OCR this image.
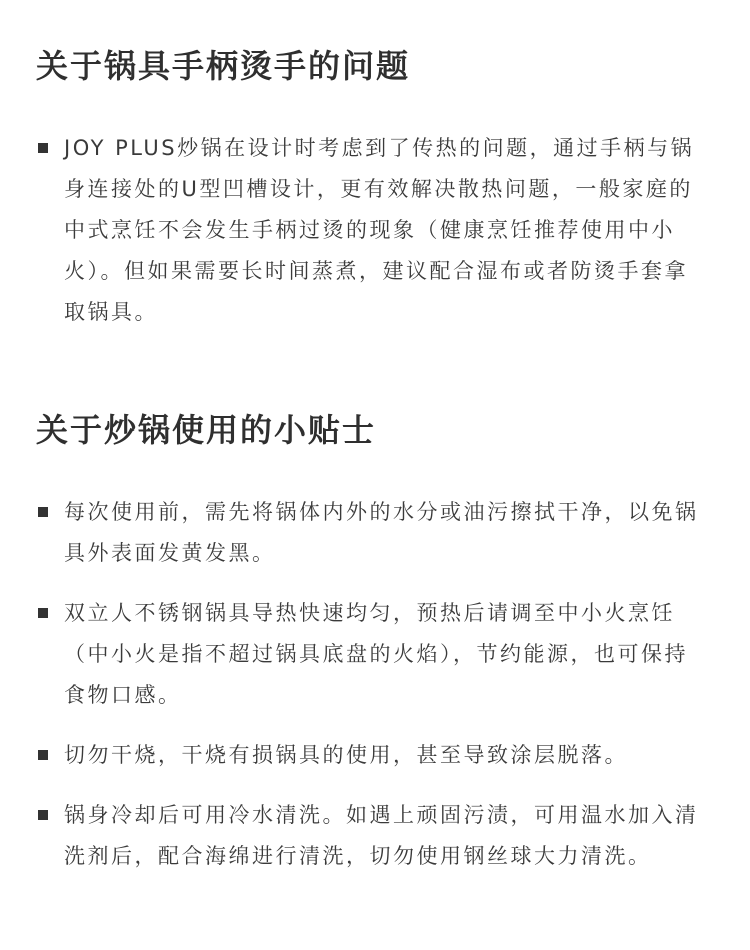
关于锅具手柄烫手的问题
JOY PLUS炒锅在设计时考虑到了传热的问题，通过手柄与锅身连接处的U型凹槽设计，更有效解决散热问题，一般家庭的中式烹饪不会发生手柄过烫的现象（健康烹饪推荐使用中小火）。但如果需要长时间蒸煮，建议配合湿布或者防烫手套拿取锅具。
关于炒锅使用的小贴士
每次使用前，需先将锅体内外的水分或油污擦拭干净，以免锅具外表面发黄发黑。
双立人不锈钢锅具导热快速均匀，预热后请调至中小火烹饪（中小火是指不超过锅具底盘的火焰），节约能源，也可保持食物口感。
切勿干烧，干烧有损锅具的使用，甚至导致涂层脱落。
锅身冷却后可用冷水清洗。如遇上顽固污渍，可用温水加入清洗剂后，配合海绵进行清洗，切勿使用钢丝球大力清洗。
